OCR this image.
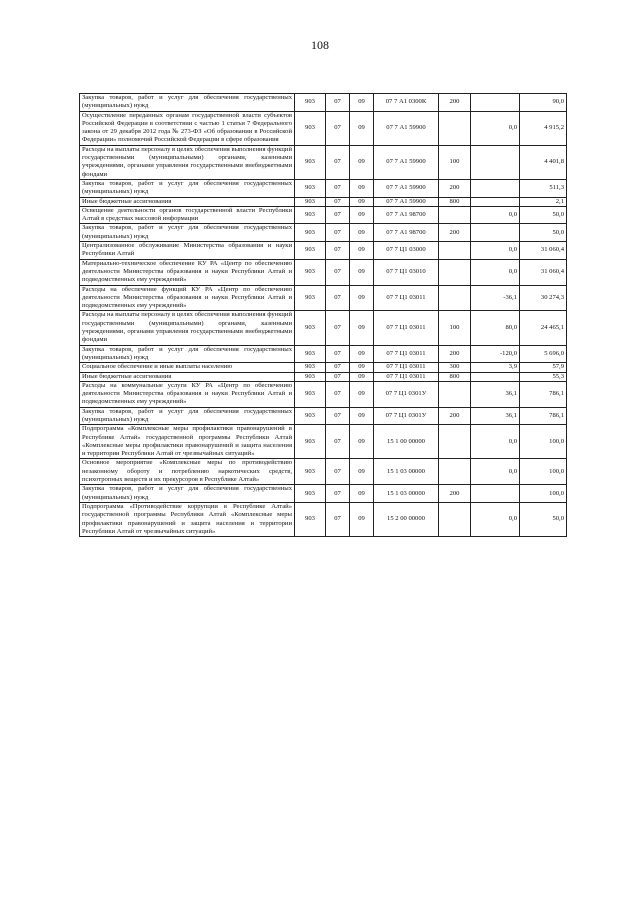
108
Закупка товаров, работ и услуг для обеспечения государственных (муниципальных) нужд	903	07	09	07 7 А1 0300К	200		90,0
Осуществление переданных органам государственной власти субъектов Российской Федерации в соответствии с частью 1 статьи 7 Федерального закона от 29 декабря 2012 года № 273-ФЗ «Об образовании в Российской Федерации» полномочий Российской Федерации в сфере образования	903	07	09	07 7 А1 59900		0,0	4 915,2
Расходы на выплаты персоналу в целях обеспечения выполнения функций государственными (муниципальными) органами, казенными учреждениями, органами управления государственными внебюджетными фондами	903	07	09	07 7 А1 59900	100		4 401,8
Закупка товаров, работ и услуг для обеспечения государственных (муниципальных) нужд	903	07	09	07 7 А1 59900	200		511,3
Иные бюджетные ассигнования	903	07	09	07 7 А1 59900	800		2,1
Освещение деятельности органов государственной власти Республики Алтай в средствах массовой информации	903	07	09	07 7 А1 98700		0,0	50,0
Закупка товаров, работ и услуг для обеспечения государственных (муниципальных) нужд	903	07	09	07 7 А1 98700	200		50,0
Централизованное обслуживание Министерства образования и науки Республики Алтай	903	07	09	07 7 Ц1 03000		0,0	31 060,4
Материально-техническое обеспечение КУ РА «Центр по обеспечению деятельности Министерства образования и науки Республики Алтай и подведомственных ему учреждений»	903	07	09	07 7 Ц1 03010		0,0	31 060,4
Расходы на обеспечение функций КУ РА «Центр по обеспечению деятельности Министерства образования и науки Республики Алтай и подведомственных ему учреждений»	903	07	09	07 7 Ц1 03011		-36,1	30 274,3
Расходы на выплаты персоналу в целях обеспечения выполнения функций государственными (муниципальными) органами, казенными учреждениями, органами управления государственными внебюджетными фондами	903	07	09	07 7 Ц1 03011	100	80,0	24 465,1
Закупка товаров, работ и услуг для обеспечения государственных (муниципальных) нужд	903	07	09	07 7 Ц1 03011	200	-120,0	5 696,0
Социальное обеспечение и иные выплаты населению	903	07	09	07 7 Ц1 03011	300	3,9	57,9
Иные бюджетные ассигнования	903	07	09	07 7 Ц1 03011	800		55,3
Расходы на коммунальные услуги КУ РА «Центр по обеспечению деятельности Министерства образования и науки Республики Алтай и подведомственных ему учреждений»	903	07	09	07 7 Ц1 0301У		36,1	786,1
Закупка товаров, работ и услуг для обеспечения государственных (муниципальных) нужд	903	07	09	07 7 Ц1 0301У	200	36,1	786,1
Подпрограмма «Комплексные меры профилактики правонарушений в Республике Алтай» государственной программы Республики Алтай «Комплексные меры профилактики правонарушений и защита населения и территории Республики Алтай от чрезвычайных ситуаций»	903	07	09	15 1 00 00000		0,0	100,0
Основное мероприятие «Комплексные меры по противодействию незаконному обороту и потреблению наркотических средств, психотропных веществ и их прекурсоров в Республике Алтай»	903	07	09	15 1 03 00000		0,0	100,0
Закупка товаров, работ и услуг для обеспечения государственных (муниципальных) нужд	903	07	09	15 1 03 00000	200		100,0
Подпрограмма «Противодействие коррупции в Республике Алтай» государственной программы Республики Алтай «Комплексные меры профилактики правонарушений и защита населения и территории Республики Алтай от чрезвычайных ситуаций»	903	07	09	15 2 00 00000		0,0	50,0
